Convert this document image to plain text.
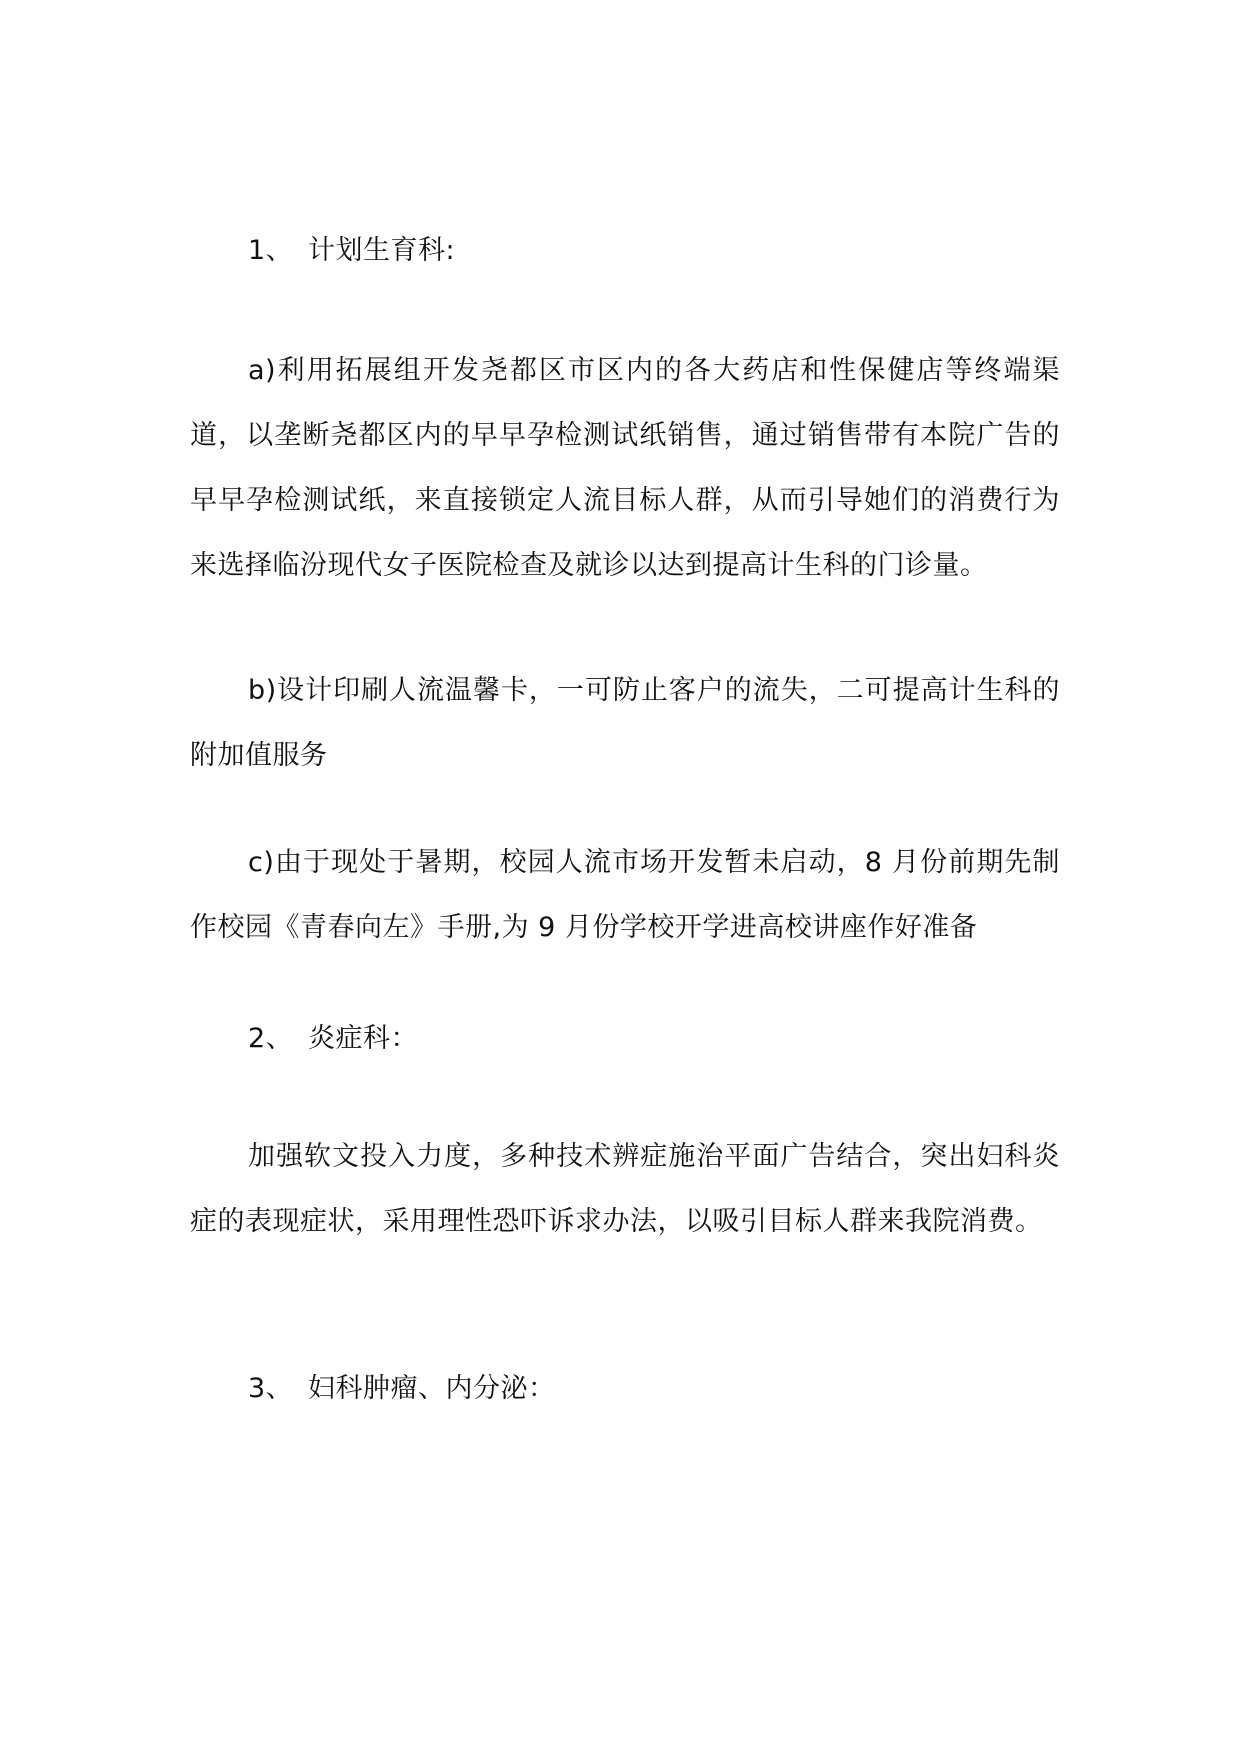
1、 计划生育科:

a)利用拓展组开发尧都区市区内的各大药店和性保健店等终端渠道，以垄断尧都区内的早早孕检测试纸销售，通过销售带有本院广告的早早孕检测试纸，来直接锁定人流目标人群，从而引导她们的消费行为来选择临汾现代女子医院检查及就诊以达到提高计生科的门诊量。

b)设计印刷人流温馨卡，一可防止客户的流失，二可提高计生科的附加值服务

c)由于现处于暑期，校园人流市场开发暂未启动，8 月份前期先制作校园《青春向左》手册,为 9 月份学校开学进高校讲座作好准备

2、 炎症科：

加强软文投入力度，多种技术辨症施治平面广告结合，突出妇科炎症的表现症状，采用理性恐吓诉求办法，以吸引目标人群来我院消费。

3、 妇科肿瘤、内分泌：
